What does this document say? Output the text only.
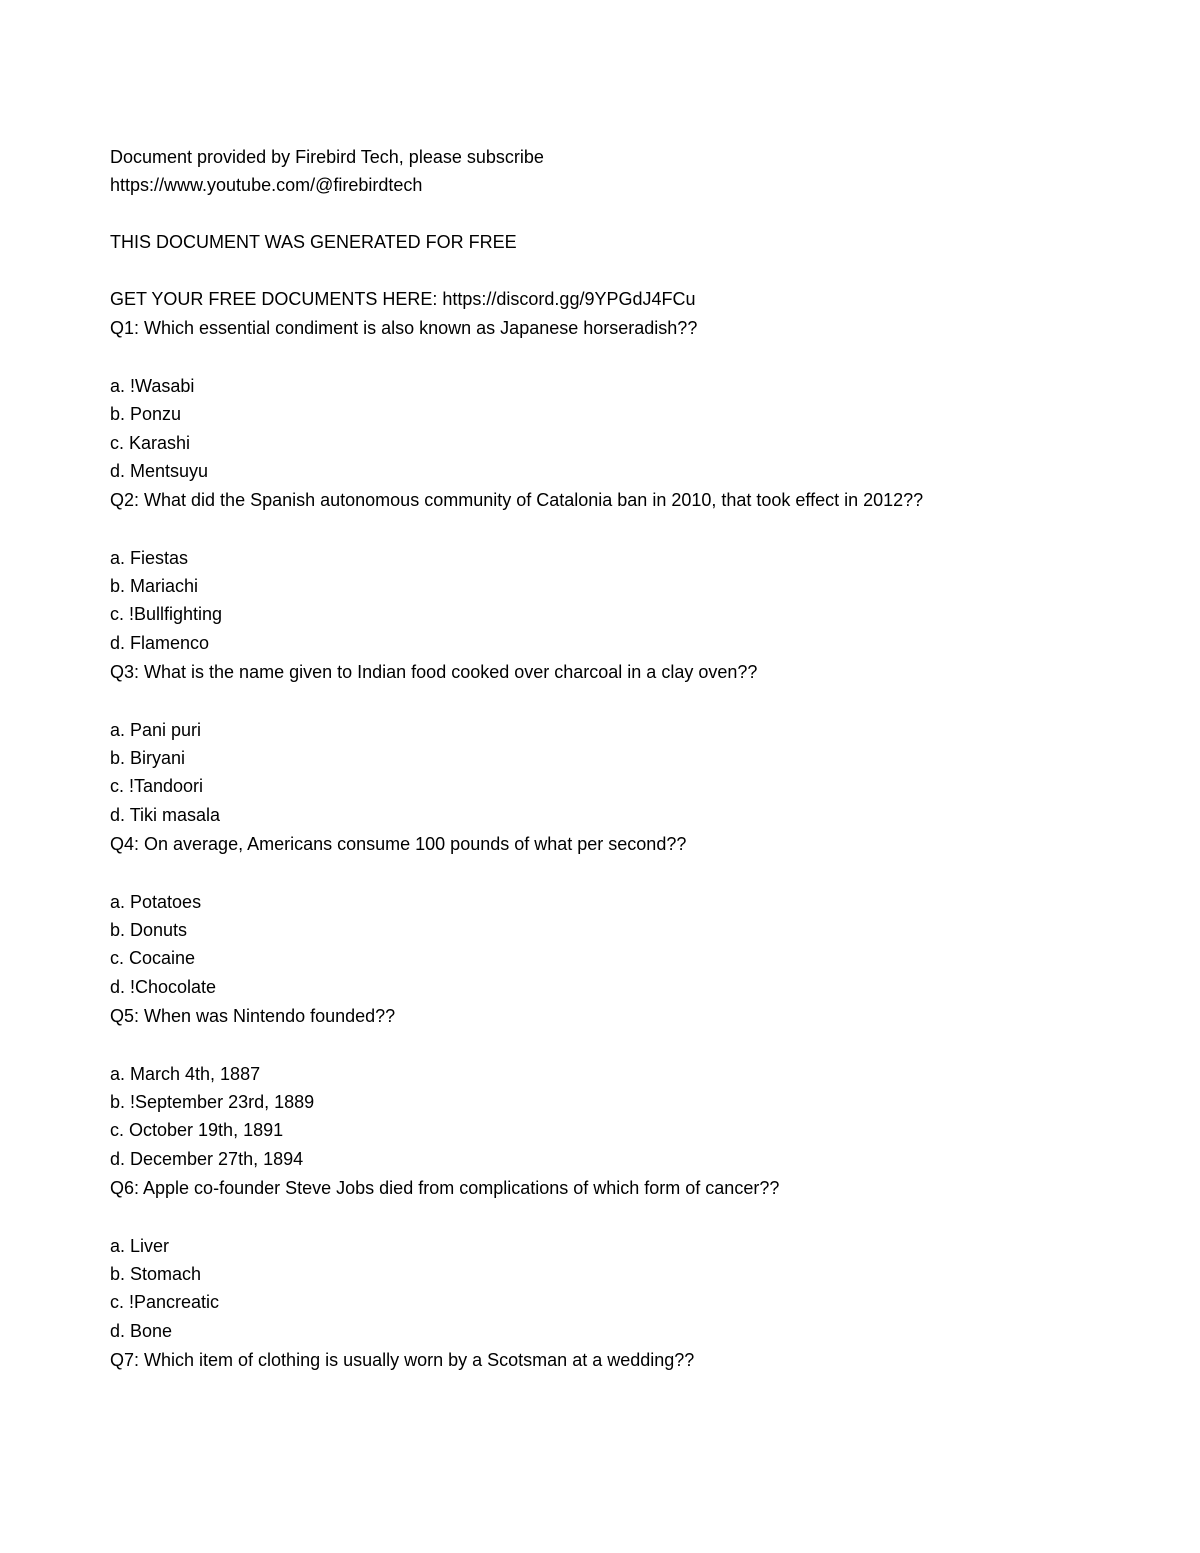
Document provided by Firebird Tech, please subscribe
https://www.youtube.com/@firebirdtech
THIS DOCUMENT WAS GENERATED FOR FREE
GET YOUR FREE DOCUMENTS HERE: https://discord.gg/9YPGdJ4FCu
Q1: Which essential condiment is also known as Japanese horseradish??
a. !Wasabi
b. Ponzu
c. Karashi
d. Mentsuyu
Q2: What did the Spanish autonomous community of Catalonia ban in 2010, that took effect in 2012??
a. Fiestas
b. Mariachi
c. !Bullfighting
d. Flamenco
Q3: What is the name given to Indian food cooked over charcoal in a clay oven??
a. Pani puri
b. Biryani
c. !Tandoori
d. Tiki masala
Q4: On average, Americans consume 100 pounds of what per second??
a. Potatoes
b. Donuts
c. Cocaine
d. !Chocolate
Q5: When was Nintendo founded??
a. March 4th, 1887
b. !September 23rd, 1889
c. October 19th, 1891
d. December 27th, 1894
Q6: Apple co-founder Steve Jobs died from complications of which form of cancer??
a. Liver
b. Stomach
c. !Pancreatic
d. Bone
Q7: Which item of clothing is usually worn by a Scotsman at a wedding??
